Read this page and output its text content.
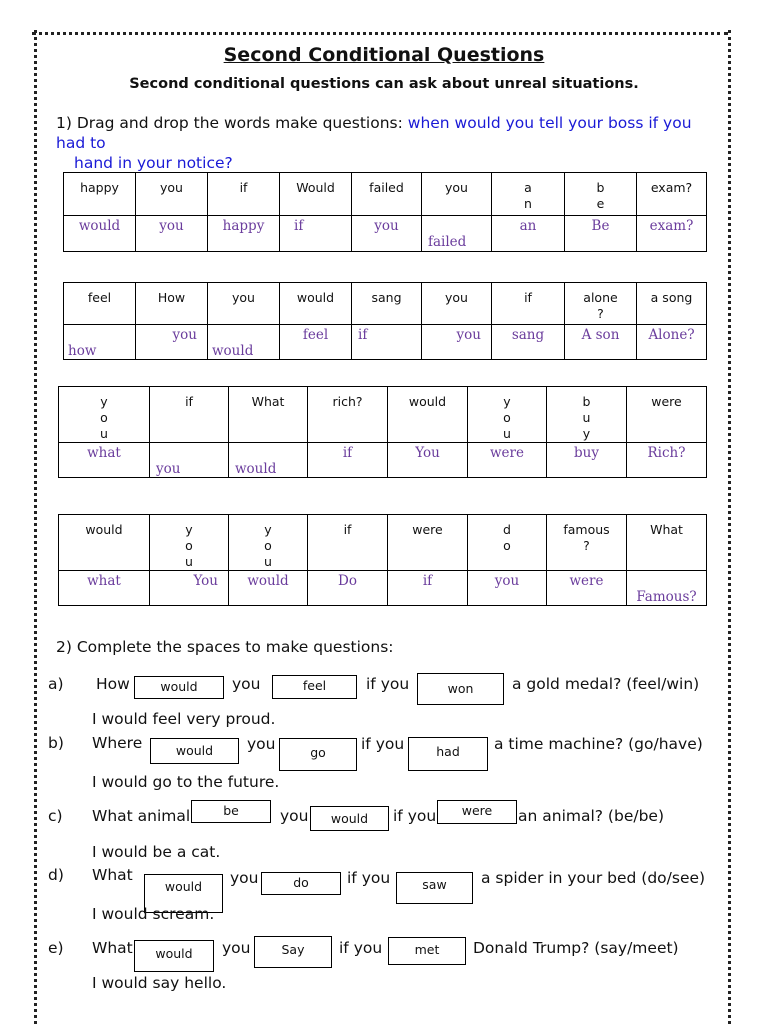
Second Conditional Questions
Second conditional questions can ask about unreal situations.
1) Drag and drop the words make questions: when would you tell your boss if you had to
hand in your notice?
happy	you	if	Would	failed	you	an	be	exam?
would	you	happy	if	you	failed	an	Be	exam?
feel	How	you	would	sang	you	if	alone ?	a song

how	you	would	feel	if	you	sang	A son	Alone?
you	if	What	rich?	would	you	buy	were
what	you	would	if	You	were	buy	Rich?
would	you	you	if	were	do	famous ?	What
what	You	would	Do	if	you	were	Famous?
2) Complete the spaces to make questions:
a) How	would	you	feel	if you	won	a gold medal? (feel/win)
I would feel very proud.
b) Where	would	you	go	if you	had	a time machine? (go/have)
I would go to the future.
c) What animal	be	you	would	if you	were	an animal? (be/be)
I would be a cat.
d) What
would	you	do	if you	saw	a spider in your bed (do/see)
I would scream.
e) What	would	you	Say	if you	met	Donald Trump? (say/meet)
I would say hello.
